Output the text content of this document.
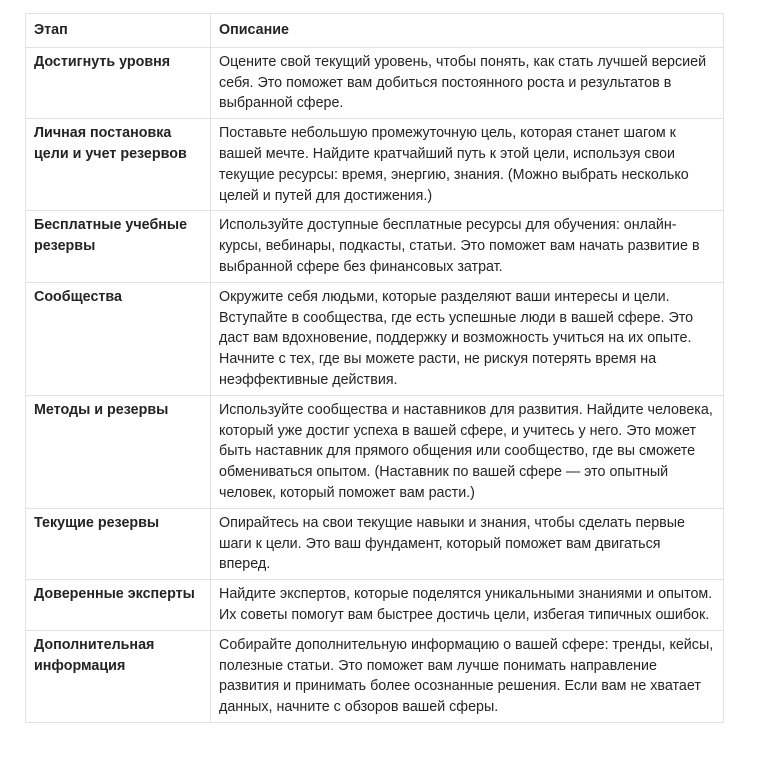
Этап	Описание
Достигнуть уровня	Оцените свой текущий уровень, чтобы понять, как стать лучшей версией себя. Это поможет вам добиться постоянного роста и результатов в выбранной сфере.
Личная постановка цели и учет резервов	Поставьте небольшую промежуточную цель, которая станет шагом к вашей мечте. Найдите кратчайший путь к этой цели, используя свои текущие ресурсы: время, энергию, знания. (Можно выбрать несколько целей и путей для достижения.)
Бесплатные учебные резервы	Используйте доступные бесплатные ресурсы для обучения: онлайн-курсы, вебинары, подкасты, статьи. Это поможет вам начать развитие в выбранной сфере без финансовых затрат.
Сообщества	Окружите себя людьми, которые разделяют ваши интересы и цели. Вступайте в сообщества, где есть успешные люди в вашей сфере. Это даст вам вдохновение, поддержку и возможность учиться на их опыте. Начните с тех, где вы можете расти, не рискуя потерять время на неэффективные действия.
Методы и резервы	Используйте сообщества и наставников для развития. Найдите человека, который уже достиг успеха в вашей сфере, и учитесь у него. Это может быть наставник для прямого общения или сообщество, где вы сможете обмениваться опытом. (Наставник по вашей сфере — это опытный человек, который поможет вам расти.)
Текущие резервы	Опирайтесь на свои текущие навыки и знания, чтобы сделать первые шаги к цели. Это ваш фундамент, который поможет вам двигаться вперед.
Доверенные эксперты	Найдите экспертов, которые поделятся уникальными знаниями и опытом. Их советы помогут вам быстрее достичь цели, избегая типичных ошибок.
Дополнительная информация	Собирайте дополнительную информацию о вашей сфере: тренды, кейсы, полезные статьи. Это поможет вам лучше понимать направление развития и принимать более осознанные решения. Если вам не хватает данных, начните с обзоров вашей сферы.
